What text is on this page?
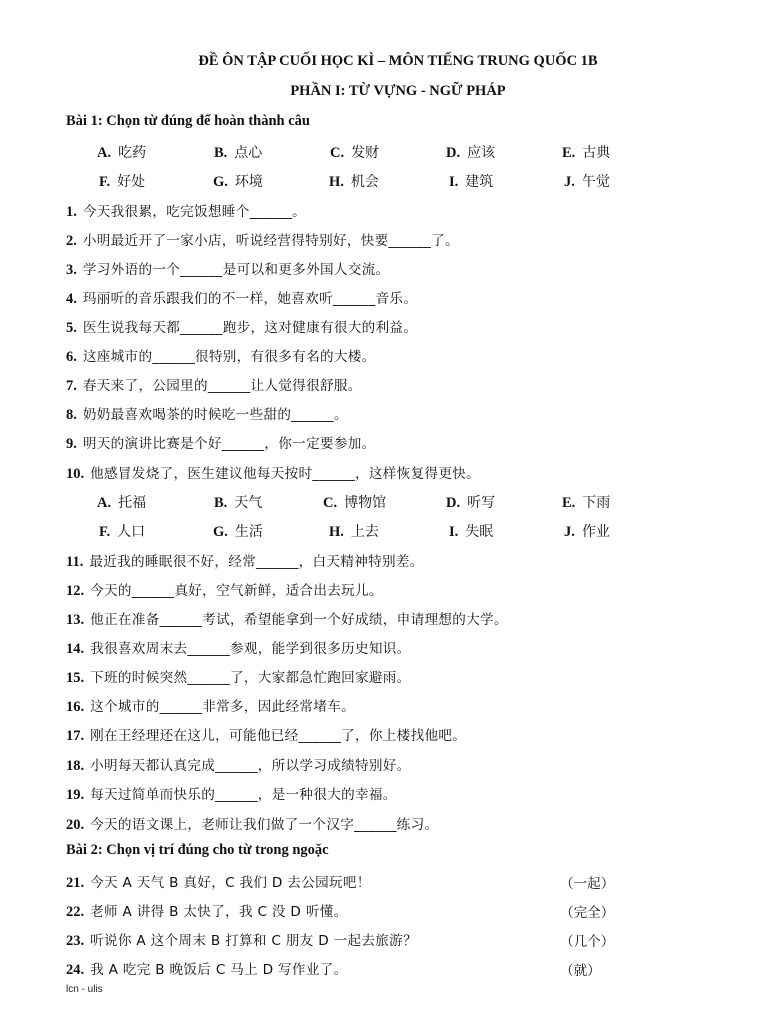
ĐỀ ÔN TẬP CUỐI HỌC KÌ – MÔN TIẾNG TRUNG QUỐC 1B
PHẦN I: TỪ VỰNG - NGỮ PHÁP
Bài 1: Chọn từ đúng để hoàn thành câu
A. 吃药	B. 点心	C. 发财	D. 应该	E. 古典
F. 好处	G. 环境	H. 机会	I. 建筑	J. 午觉
1. 今天我很累，吃完饭想睡个______。
2. 小明最近开了一家小店，听说经营得特别好，快要______了。
3. 学习外语的一个______是可以和更多外国人交流。
4. 玛丽听的音乐跟我们的不一样，她喜欢听______音乐。
5. 医生说我每天都______跑步，这对健康有很大的利益。
6. 这座城市的______很特别，有很多有名的大楼。
7. 春天来了，公园里的______让人觉得很舒服。
8. 奶奶最喜欢喝茶的时候吃一些甜的______。
9. 明天的演讲比赛是个好______，你一定要参加。
10. 他感冒发烧了，医生建议他每天按时______，这样恢复得更快。
A. 托福	B. 天气	C. 博物馆	D. 听写	E. 下雨
F. 人口	G. 生活	H. 上去	I. 失眠	J. 作业
11. 最近我的睡眠很不好，经常______，白天精神特别差。
12. 今天的______真好，空气新鲜，适合出去玩儿。
13. 他正在准备______考试，希望能拿到一个好成绩，申请理想的大学。
14. 我很喜欢周末去______参观，能学到很多历史知识。
15. 下班的时候突然______了，大家都急忙跑回家避雨。
16. 这个城市的______非常多，因此经常堵车。
17. 刚在王经理还在这儿，可能他已经______了，你上楼找他吧。
18. 小明每天都认真完成______，所以学习成绩特别好。
19. 每天过简单而快乐的______，是一种很大的幸福。
20. 今天的语文课上，老师让我们做了一个汉字______练习。
Bài 2: Chọn vị trí đúng cho từ trong ngoặc
21. 今天 A 天气 B 真好，C 我们 D 去公园玩吧！	（一起）
22. 老师 A 讲得 B 太快了，我 C 没 D 听懂。	（完全）
23. 听说你 A 这个周末 B 打算和 C 朋友 D 一起去旅游？	（几个）
24. 我 A 吃完 B 晚饭后 C 马上 D 写作业了。	（就）
lcn - ulis
